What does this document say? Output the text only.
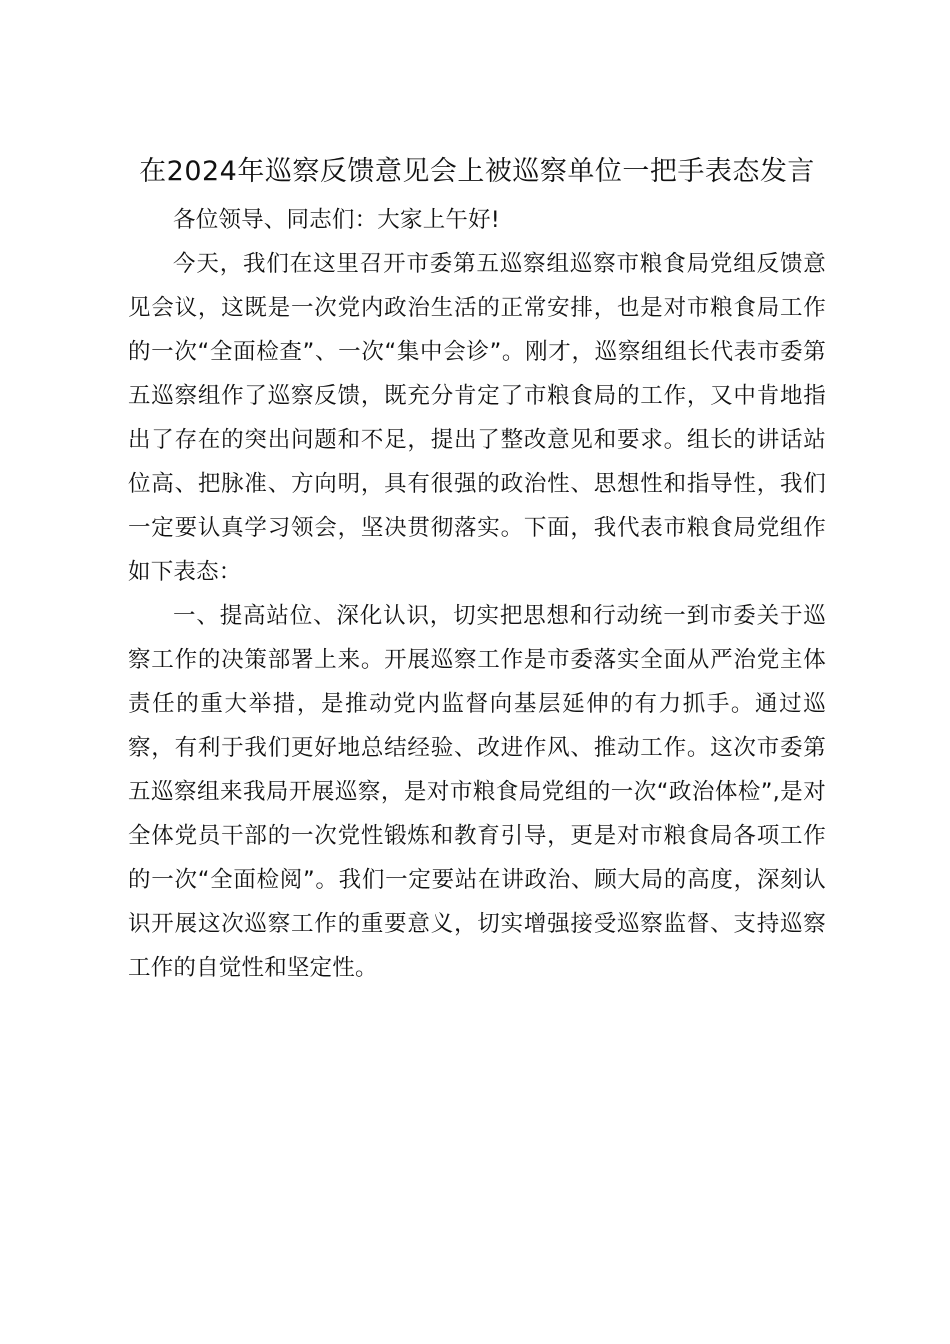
在2024年巡察反馈意见会上被巡察单位一把手表态发言

各位领导、同志们：大家上午好!

今天，我们在这里召开市委第五巡察组巡察市粮食局党组反馈意见会议，这既是一次党内政治生活的正常安排，也是对市粮食局工作的一次“全面检查”、一次“集中会诊”。刚才，巡察组组长代表市委第五巡察组作了巡察反馈，既充分肯定了市粮食局的工作，又中肯地指出了存在的突出问题和不足，提出了整改意见和要求。组长的讲话站位高、把脉准、方向明，具有很强的政治性、思想性和指导性，我们一定要认真学习领会，坚决贯彻落实。下面，我代表市粮食局党组作如下表态：

一、提高站位、深化认识，切实把思想和行动统一到市委关于巡察工作的决策部署上来。开展巡察工作是市委落实全面从严治党主体责任的重大举措，是推动党内监督向基层延伸的有力抓手。通过巡察，有利于我们更好地总结经验、改进作风、推动工作。这次市委第五巡察组来我局开展巡察，是对市粮食局党组的一次“政治体检”,是对全体党员干部的一次党性锻炼和教育引导，更是对市粮食局各项工作的一次“全面检阅”。我们一定要站在讲政治、顾大局的高度，深刻认识开展这次巡察工作的重要意义，切实增强接受巡察监督、支持巡察工作的自觉性和坚定性。
